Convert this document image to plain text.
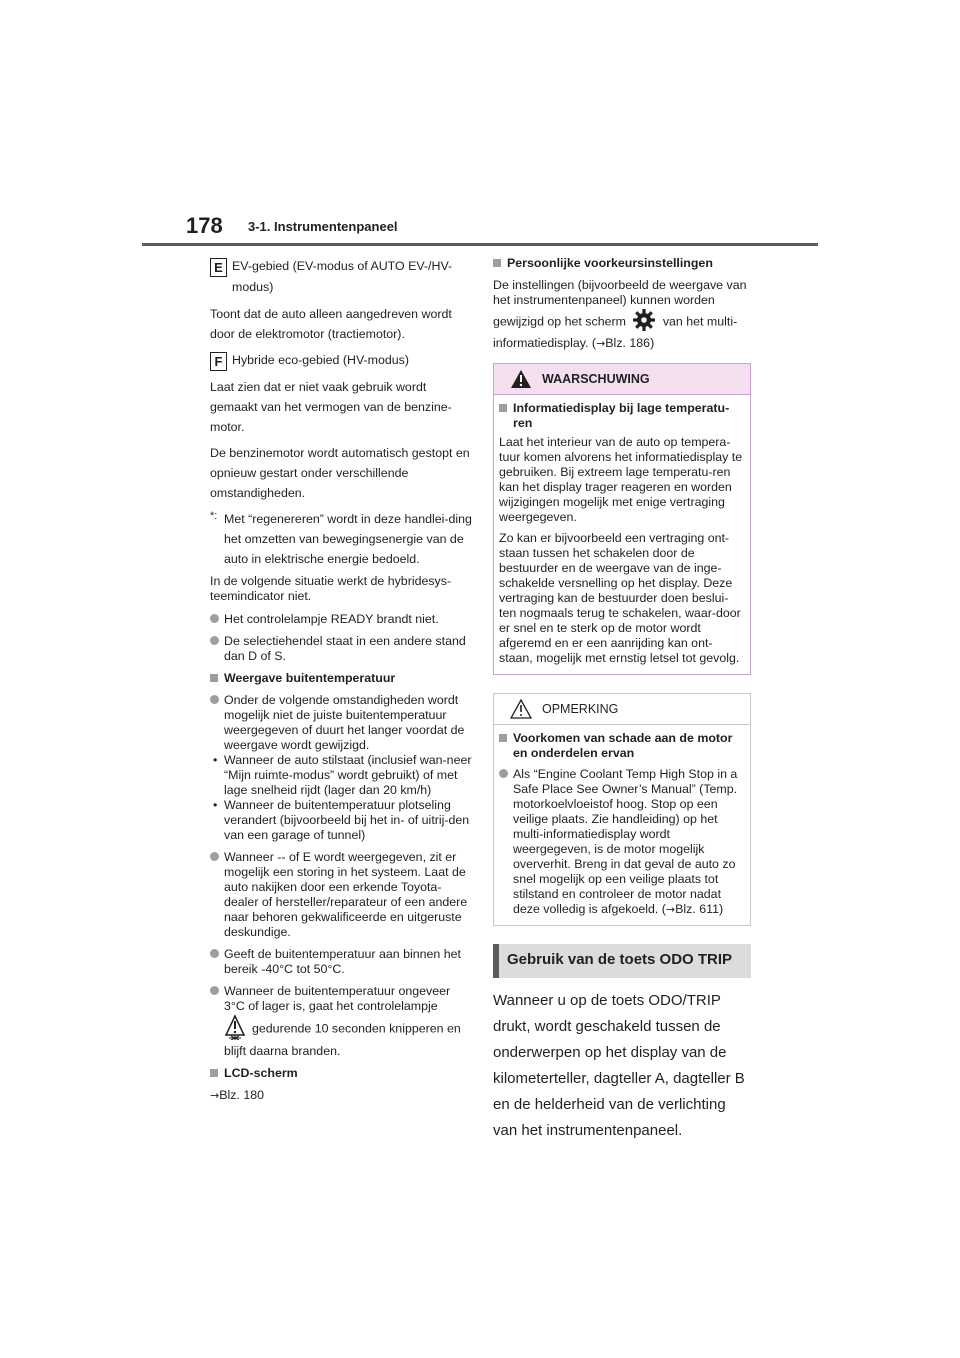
178 3-1. Instrumentenpaneel
E EV-gebied (EV-modus of AUTO EV-/HV-modus)

Toont dat de auto alleen aangedreven wordt door de elektromotor (tractiemotor).

F Hybride eco-gebied (HV-modus)

Laat zien dat er niet vaak gebruik wordt gemaakt van het vermogen van de benzine-motor.

De benzinemotor wordt automatisch gestopt en opnieuw gestart onder verschillende omstandigheden.

*: Met “regenereren” wordt in deze handlei-ding het omzetten van bewegingsenergie van de auto in elektrische energie bedoeld.

In de volgende situatie werkt de hybridesys-teemindicator niet.

Het controlelampje READY brandt niet.
De selectiehendel staat in een andere stand dan D of S.
Weergave buitentemperatuur
Onder de volgende omstandigheden wordt mogelijk niet de juiste buitentemperatuur weergegeven of duurt het langer voordat de weergave wordt gewijzigd.
• Wanneer de auto stilstaat (inclusief wan-neer “Mijn ruimte-modus” wordt gebruikt) of met lage snelheid rijdt (lager dan 20 km/h)
• Wanneer de buitentemperatuur plotseling verandert (bijvoorbeeld bij het in- of uitrij-den van een garage of tunnel)
Wanneer -- of E wordt weergegeven, zit er mogelijk een storing in het systeem. Laat de auto nakijken door een erkende Toyota-dealer of hersteller/reparateur of een andere naar behoren gekwalificeerde en uitgeruste deskundige.
Geeft de buitentemperatuur aan binnen het bereik -40°C tot 50°C.
Wanneer de buitentemperatuur ongeveer 3°C of lager is, gaat het controlelampje
gedurende 10 seconden knipperen en blijft daarna branden.
LCD-scherm

→Blz. 180

Persoonlijke voorkeursinstellingen

De instellingen (bijvoorbeeld de weergave van het instrumentenpaneel) kunnen worden gewijzigd op het scherm	van het multi-informatiedisplay. (→Blz. 186)

WAARSCHUWING
Informatiedisplay bij lage temperatu-ren

Laat het interieur van de auto op tempera-tuur komen alvorens het informatiedisplay te gebruiken. Bij extreem lage temperatu-ren kan het display trager reageren en worden wijzigingen mogelijk met enige vertraging weergegeven.

Zo kan er bijvoorbeeld een vertraging ont-staan tussen het schakelen door de bestuurder en de weergave van de inge-schakelde versnelling op het display. Deze vertraging kan de bestuurder doen beslui-ten nogmaals terug te schakelen, waar-door er snel en te sterk op de motor wordt afgeremd en er een aanrijding kan ont-staan, mogelijk met ernstig letsel tot gevolg.

OPMERKING
Voorkomen van schade aan de motor en onderdelen ervan
Als “Engine Coolant Temp High Stop in a Safe Place See Owner’s Manual” (Temp. motorkoelvloeistof hoog. Stop op een veilige plaats. Zie handleiding) op het multi-informatiedisplay wordt weergegeven, is de motor mogelijk oververhit. Breng in dat geval de auto zo snel mogelijk op een veilige plaats tot stilstand en controleer de motor nadat deze volledig is afgekoeld. (→Blz. 611)
Gebruik van de toets ODO TRIP

Wanneer u op de toets ODO/TRIP drukt, wordt geschakeld tussen de onderwerpen op het display van de kilometerteller, dagteller A, dagteller B en de helderheid van de verlichting van het instrumentenpaneel.
